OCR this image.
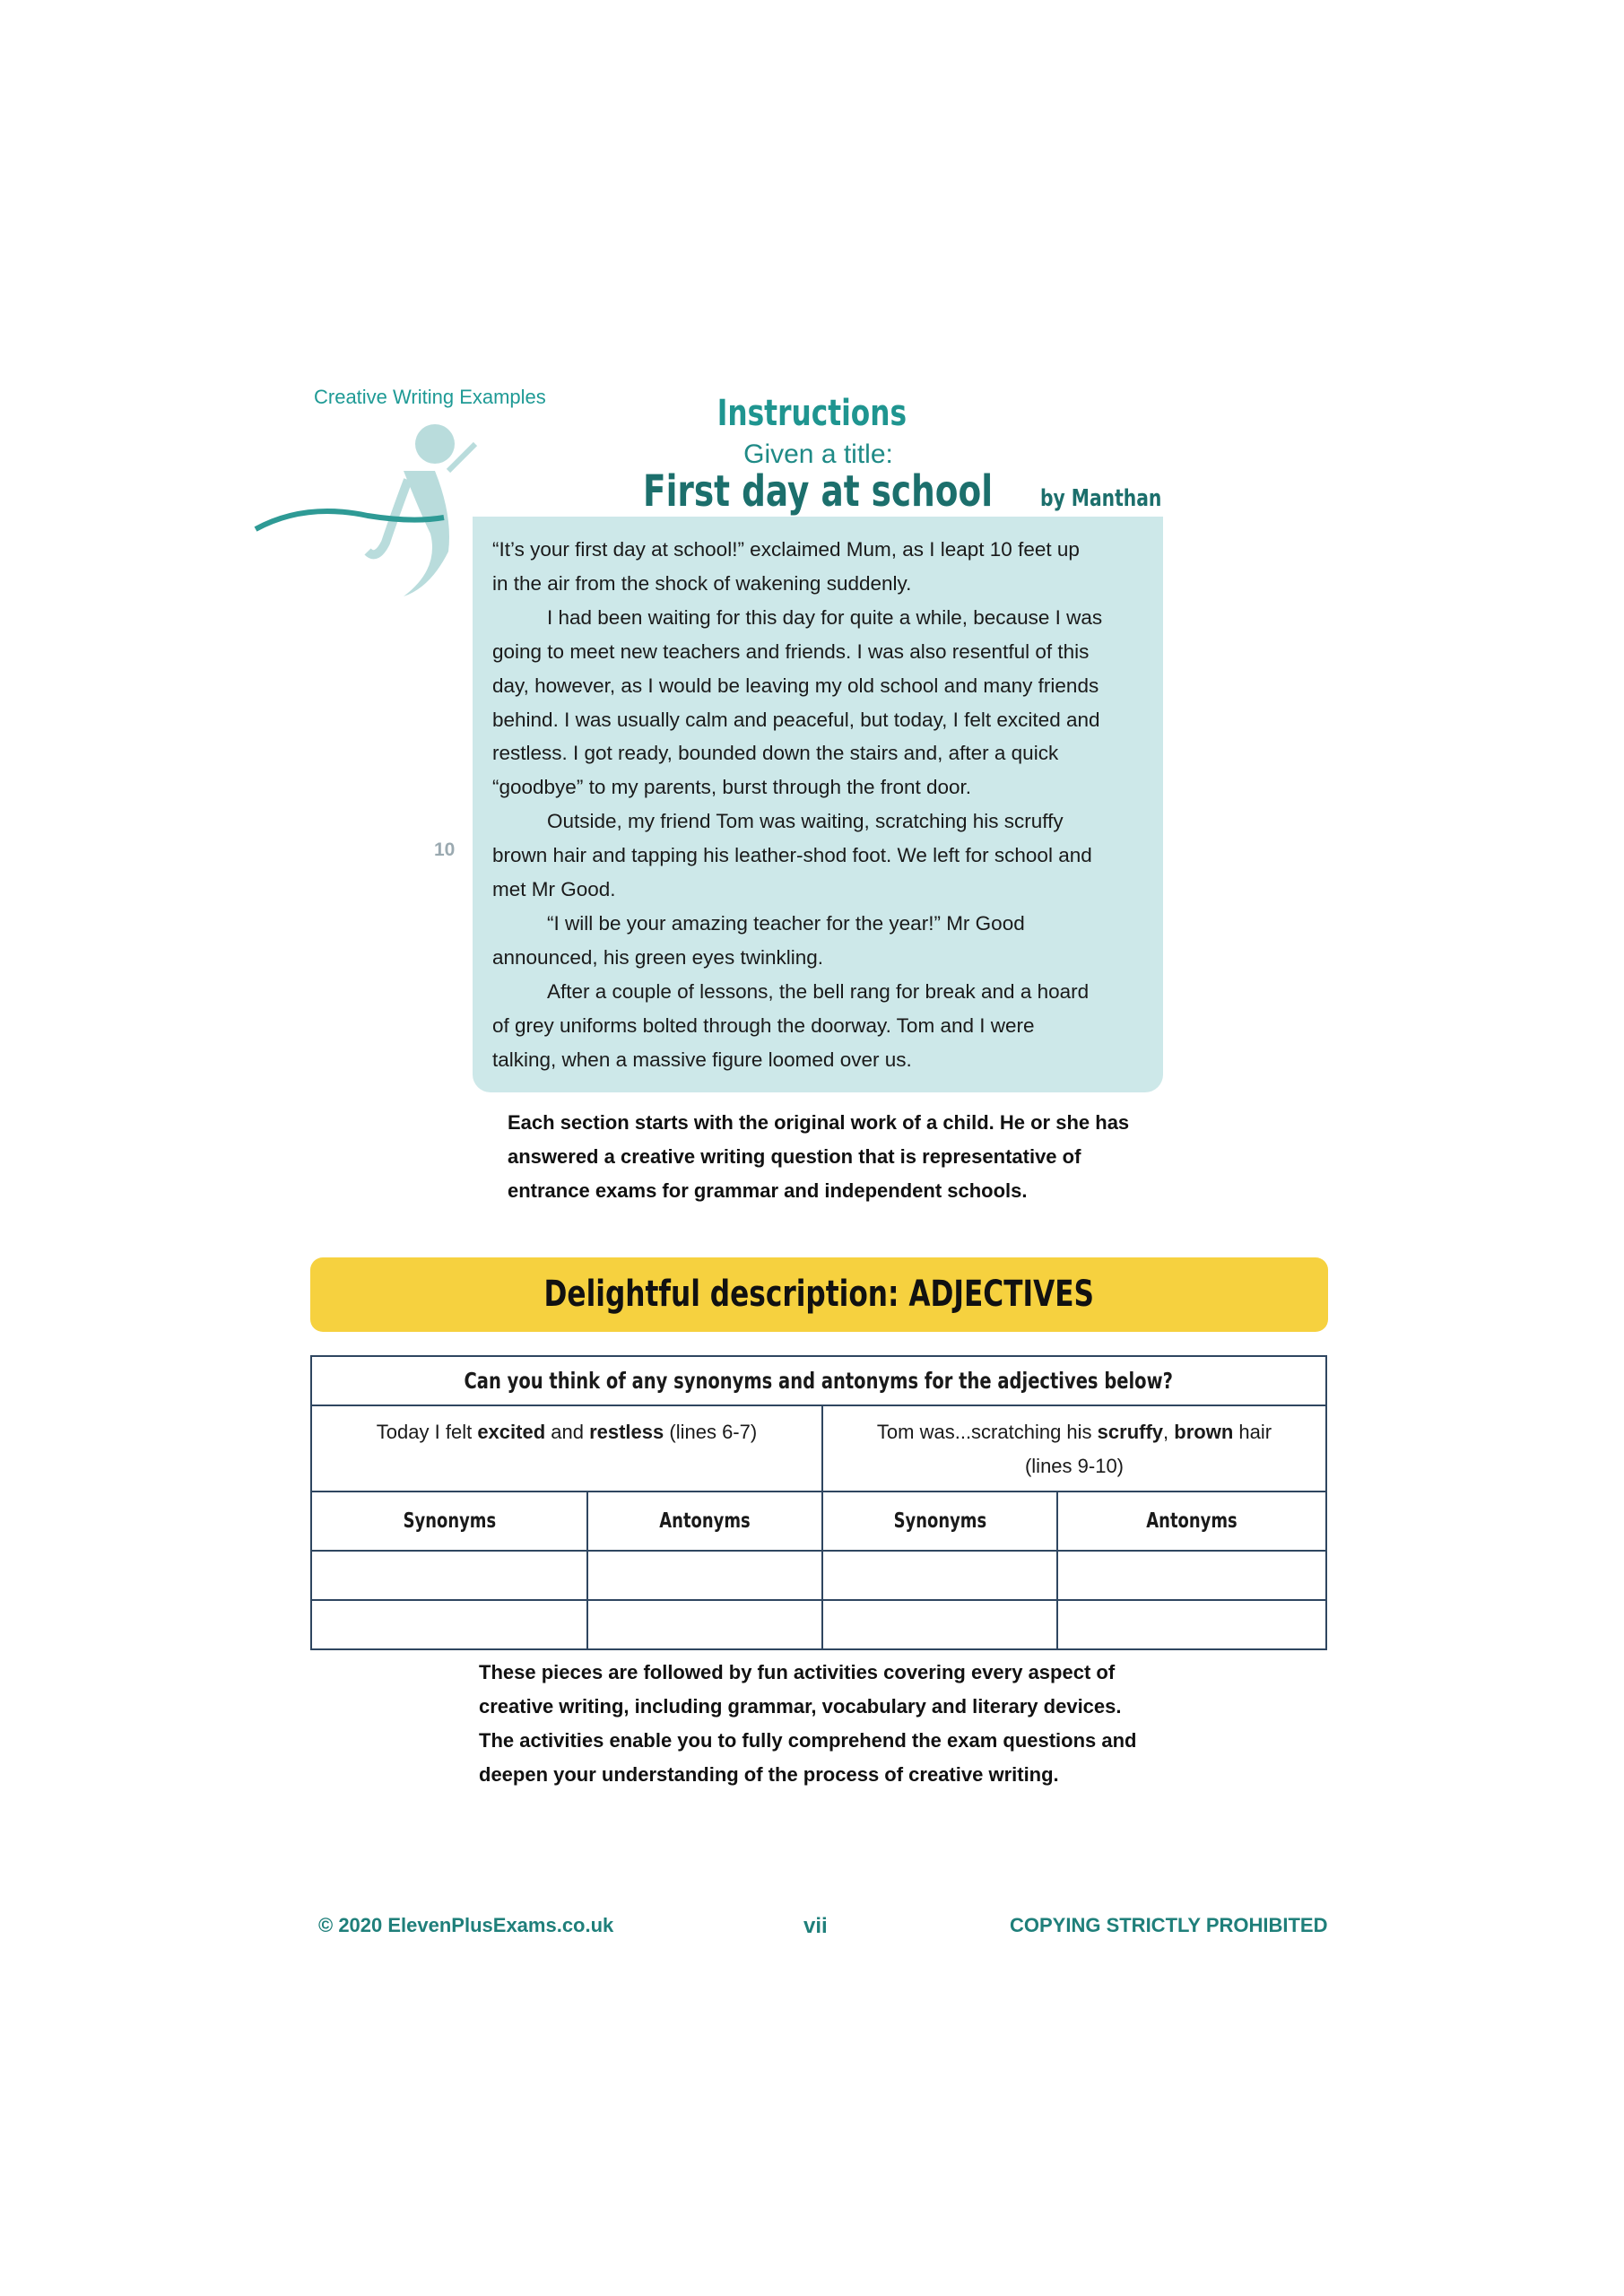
Creative Writing Examples	Instructions
Given a title:
First day at school	by Manthan
“It’s your first day at school!” exclaimed Mum, as I leapt 10 feet up
in the air from the shock of wakening suddenly.
I had been waiting for this day for quite a while, because I was
going to meet new teachers and friends. I was also resentful of this
day, however, as I would be leaving my old school and many friends
behind. I was usually calm and peaceful, but today, I felt excited and
restless. I got ready, bounded down the stairs and, after a quick
“goodbye” to my parents, burst through the front door.
Outside, my friend Tom was waiting, scratching his scruffy
brown hair and tapping his leather-shod foot. We left for school and
met Mr Good.
“I will be your amazing teacher for the year!” Mr Good
announced, his green eyes twinkling.
After a couple of lessons, the bell rang for break and a hoard
of grey uniforms bolted through the doorway. Tom and I were
talking, when a massive figure loomed over us.
10
Each section starts with the original work of a child. He or she has
answered a creative writing question that is representative of
entrance exams for grammar and independent schools.
Delightful description: ADJECTIVES
Can you think of any synonyms and antonyms for the adjectives below?			
Today I felt excited and restless (lines 6-7)		Tom was...scratching his scruffy, brown hair
(lines 9-10)	
Synonyms	Antonyms	Synonyms	Antonyms

These pieces are followed by fun activities covering every aspect of
creative writing, including grammar, vocabulary and literary devices.
The activities enable you to fully comprehend the exam questions and
deepen your understanding of the process of creative writing.
© 2020 ElevenPlusExams.co.uk	vii	COPYING STRICTLY PROHIBITED
